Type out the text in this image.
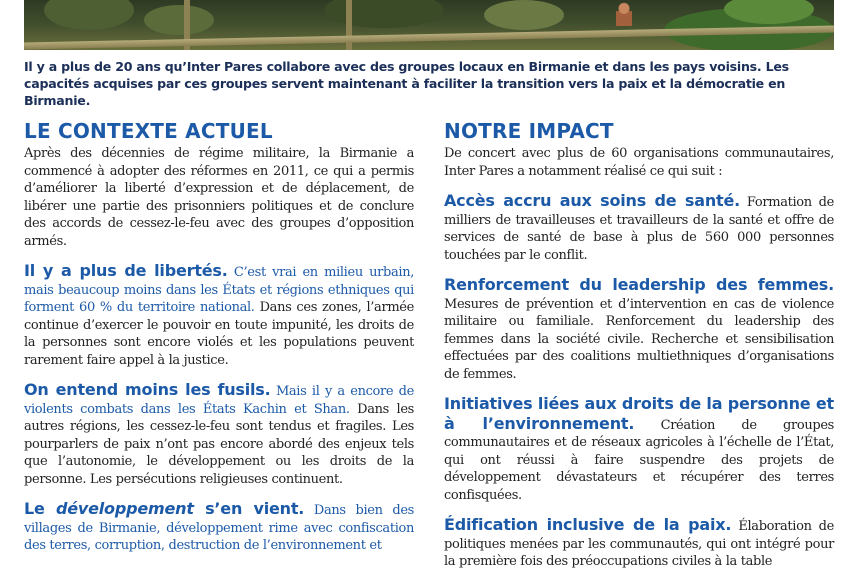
Il y a plus de 20 ans qu’Inter Pares collabore avec des groupes locaux en Birmanie et dans les pays voisins. Les capacités acquises par ces groupes servent maintenant à faciliter la transition vers la paix et la démocratie en Birmanie.
LE CONTEXTE ACTUEL

Après des décennies de régime militaire, la Birmanie a commencé à adopter des réformes en 2011, ce qui a permis d’améliorer la liberté d’expression et de déplacement, de libérer une partie des prisonniers politiques et de conclure des accords de cessez-le-feu avec des groupes d’opposition armés.

Il y a plus de libertés. C’est vrai en milieu urbain, mais beaucoup moins dans les États et régions ethniques qui forment 60 % du territoire national. Dans ces zones, l’armée continue d’exercer le pouvoir en toute impunité, les droits de la personnes sont encore violés et les populations peuvent rarement faire appel à la justice.

On entend moins les fusils. Mais il y a encore de violents combats dans les États Kachin et Shan. Dans les autres régions, les cessez-le-feu sont tendus et fragiles. Les pourparlers de paix n’ont pas encore abordé des enjeux tels que l’autonomie, le développement ou les droits de la personne. Les persécutions religieuses continuent.

Le développement s’en vient. Dans bien des villages de Birmanie, développement rime avec confiscation des terres, corruption, destruction de l’environnement et

NOTRE IMPACT

De concert avec plus de 60 organisations communautaires, Inter Pares a notamment réalisé ce qui suit :

Accès accru aux soins de santé. Formation de milliers de travailleuses et travailleurs de la santé et offre de services de santé de base à plus de 560 000 personnes touchées par le conflit.

Renforcement du leadership des femmes. Mesures de prévention et d’intervention en cas de violence militaire ou familiale. Renforcement du leadership des femmes dans la société civile. Recherche et sensibilisation effectuées par des coalitions multiethniques d’organisations de femmes.

Initiatives liées aux droits de la personne et à l’environnement. Création de groupes communautaires et de réseaux agricoles à l’échelle de l’État, qui ont réussi à faire suspendre des projets de développement dévastateurs et récupérer des terres confisquées.

Édification inclusive de la paix. Élaboration de politiques menées par les communautés, qui ont intégré pour la première fois des préoccupations civiles à la table
